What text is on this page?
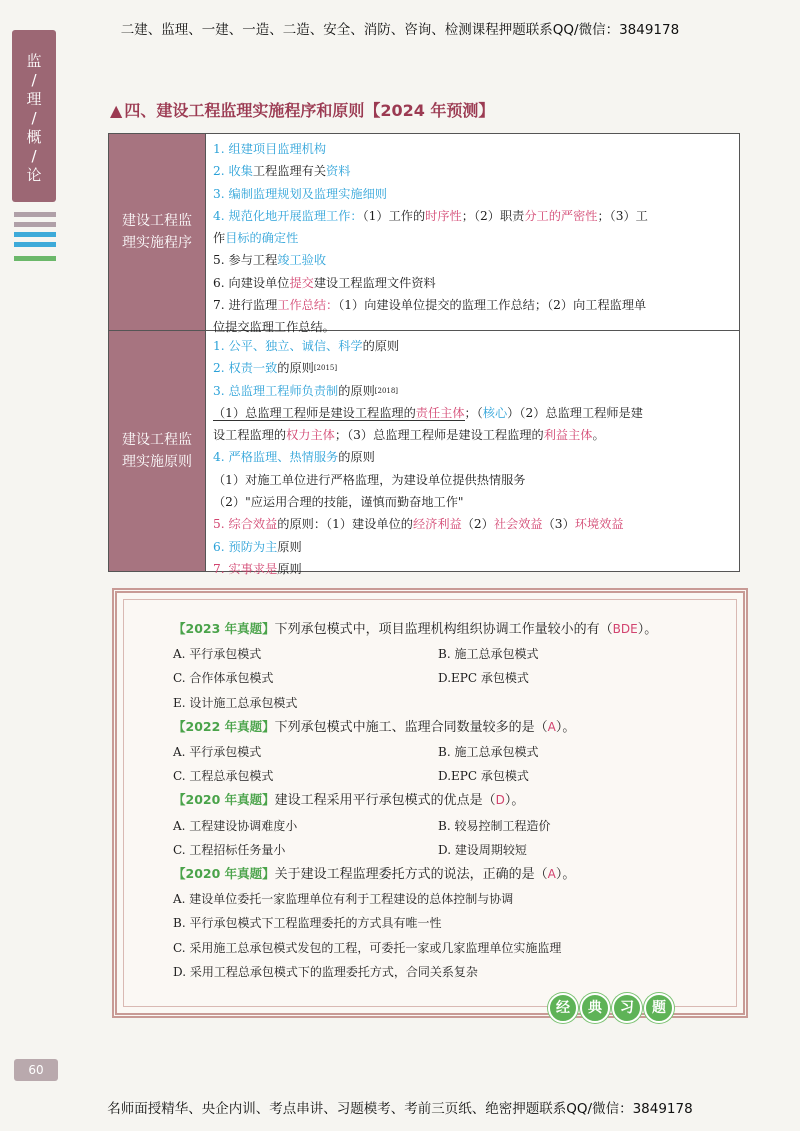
二建、监理、一建、一造、二造、安全、消防、咨询、检测课程押题联系QQ/微信：3849178
监
/
理
/
概
/
论
▲ 四、建设工程监理实施程序和原则【2024 年预测】
建设工程监理实施程序
1. 组建项目监理机构
2. 收集工程监理有关资料
3. 编制监理规划及监理实施细则
4. 规范化地开展监理工作：（1）工作的时序性；（2）职责分工的严密性；（3）工
作目标的确定性
5. 参与工程竣工验收
6. 向建设单位提交建设工程监理文件资料
7. 进行监理工作总结：（1）向建设单位提交的监理工作总结；（2）向工程监理单
位提交监理工作总结。
建设工程监理实施原则
1. 公平、独立、诚信、科学的原则
2. 权责一致的原则[2015]
3. 总监理工程师负责制的原则[2018]
（1）总监理工程师是建设工程监理的责任主体；（核心）（2）总监理工程师是建
设工程监理的权力主体；（3）总监理工程师是建设工程监理的利益主体。
4. 严格监理、热情服务的原则
（1）对施工单位进行严格监理，为建设单位提供热情服务
（2）"应运用合理的技能，谨慎而勤奋地工作"
5. 综合效益的原则：（1）建设单位的经济利益（2）社会效益（3）环境效益
6. 预防为主原则
7. 实事求是原则
【2023 年真题】下列承包模式中，项目监理机构组织协调工作量较小的有（BDE）。
A. 平行承包模式	B. 施工总承包模式
C. 合作体承包模式	D.EPC 承包模式
E. 设计施工总承包模式
【2022 年真题】下列承包模式中施工、监理合同数量较多的是（A）。
A. 平行承包模式	B. 施工总承包模式
C. 工程总承包模式	D.EPC 承包模式
【2020 年真题】建设工程采用平行承包模式的优点是（D）。
A. 工程建设协调难度小	B. 较易控制工程造价
C. 工程招标任务量小	D. 建设周期较短
【2020 年真题】关于建设工程监理委托方式的说法，正确的是（A）。
A. 建设单位委托一家监理单位有利于工程建设的总体控制与协调
B. 平行承包模式下工程监理委托的方式具有唯一性
C. 采用施工总承包模式发包的工程，可委托一家或几家监理单位实施监理
D. 采用工程总承包模式下的监理委托方式，合同关系复杂
经	典	习	题
60
名师面授精华、央企内训、考点串讲、习题模考、考前三页纸、绝密押题联系QQ/微信：3849178
